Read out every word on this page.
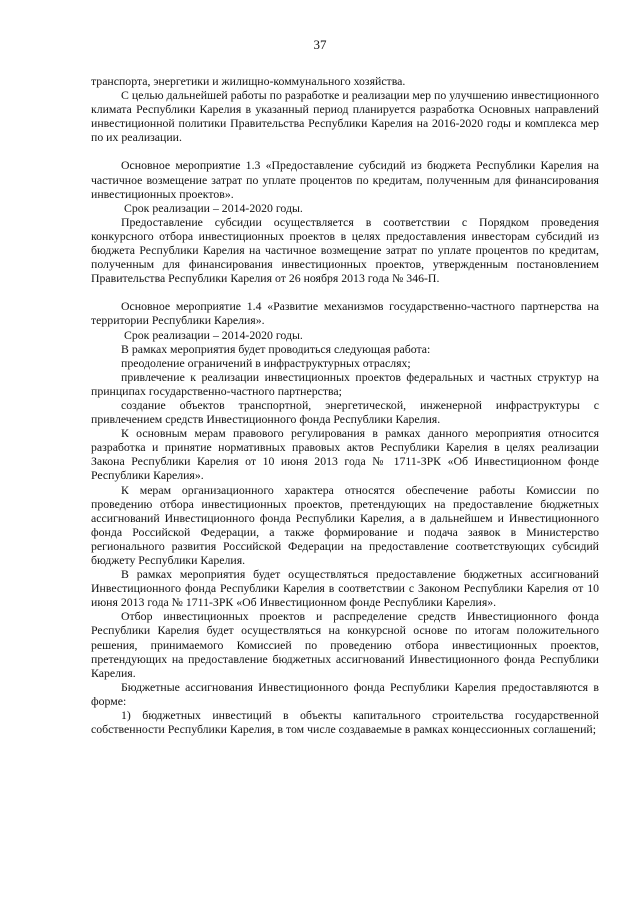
37

транспорта, энергетики и жилищно-коммунального хозяйства.

С целью дальнейшей работы по разработке и реализации мер по улучшению инвестиционного климата Республики Карелия в указанный период планируется разработка Основных направлений инвестиционной политики Правительства Республики Карелия на 2016-2020 годы и комплекса мер по их реализации.

Основное мероприятие 1.3 «Предоставление субсидий из бюджета Республики Карелия на частичное возмещение затрат по уплате процентов по кредитам, полученным для финансирования инвестиционных проектов».

Срок реализации – 2014-2020 годы.

Предоставление субсидии осуществляется в соответствии с Порядком проведения конкурсного отбора инвестиционных проектов в целях предоставления инвесторам субсидий из бюджета Республики Карелия на частичное возмещение затрат по уплате процентов по кредитам, полученным для финансирования инвестиционных проектов, утвержденным постановлением Правительства Республики Карелия от 26 ноября 2013 года № 346-П.

Основное мероприятие 1.4 «Развитие механизмов государственно-частного партнерства на территории Республики Карелия».

Срок реализации – 2014-2020 годы.

В рамках мероприятия будет проводиться следующая работа:

преодоление ограничений в инфраструктурных отраслях;

привлечение к реализации инвестиционных проектов федеральных и частных структур на принципах государственно-частного партнерства;

создание объектов транспортной, энергетической, инженерной инфраструктуры с привлечением средств Инвестиционного фонда Республики Карелия.

К основным мерам правового регулирования в рамках данного мероприятия относится разработка и принятие нормативных правовых актов Республики Карелия в целях реализации Закона Республики Карелия от 10 июня 2013 года № 1711-ЗРК «Об Инвестиционном фонде Республики Карелия».

К мерам организационного характера относятся обеспечение работы Комиссии по проведению отбора инвестиционных проектов, претендующих на предоставление бюджетных ассигнований Инвестиционного фонда Республики Карелия, а в дальнейшем и Инвестиционного фонда Российской Федерации, а также формирование и подача заявок в Министерство регионального развития Российской Федерации на предоставление соответствующих субсидий бюджету Республики Карелия.

В рамках мероприятия будет осуществляться предоставление бюджетных ассигнований Инвестиционного фонда Республики Карелия в соответствии с Законом Республики Карелия от 10 июня 2013 года № 1711-ЗРК «Об Инвестиционном фонде Республики Карелия».

Отбор инвестиционных проектов и распределение средств Инвестиционного фонда Республики Карелия будет осуществляться на конкурсной основе по итогам положительного решения, принимаемого Комиссией по проведению отбора инвестиционных проектов, претендующих на предоставление бюджетных ассигнований Инвестиционного фонда Республики Карелия.

Бюджетные ассигнования Инвестиционного фонда Республики Карелия предоставляются в форме:

1) бюджетных инвестиций в объекты капитального строительства государственной собственности Республики Карелия, в том числе создаваемые в рамках концессионных соглашений;
